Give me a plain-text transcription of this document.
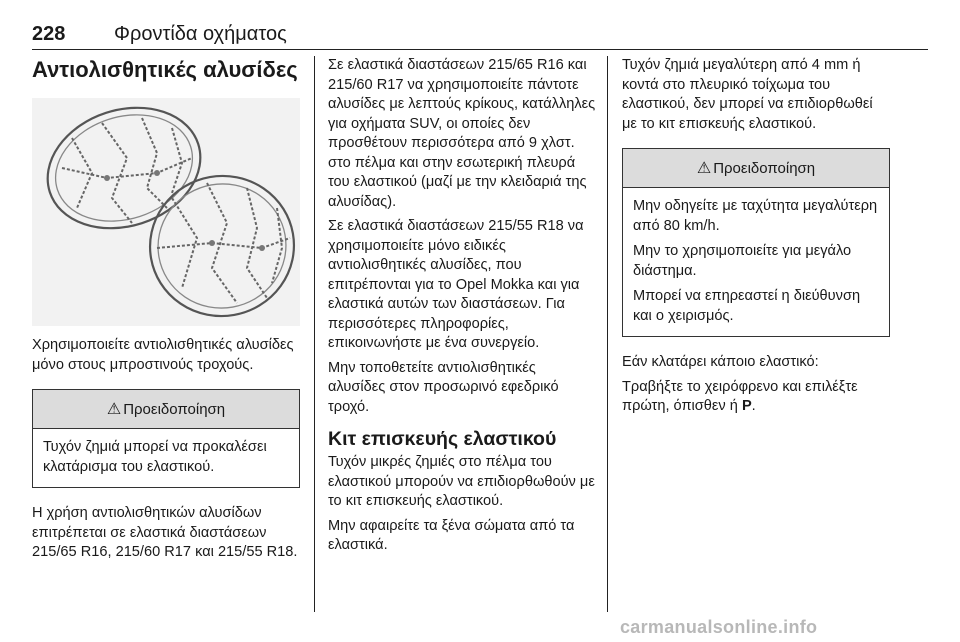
228 Φροντίδα οχήματος
Αντιολισθητικές αλυσίδες

Χρησιμοποιείτε αντιολισθητικές αλυσίδες μόνο στους μπροστινούς τροχούς.

⚠ Προειδοποίηση

Τυχόν ζημιά μπορεί να προκαλέσει κλατάρισμα του ελαστικού.

Η χρήση αντιολισθητικών αλυσίδων επιτρέπεται σε ελαστικά διαστάσεων 215/65 R16, 215/60 R17 και 215/55 R18.

Σε ελαστικά διαστάσεων 215/65 R16 και 215/60 R17 να χρησιμοποιείτε πάντοτε αλυσίδες με λεπτούς κρίκους, κατάλληλες για οχήματα SUV, οι οποίες δεν προσθέτουν περισσότερα από 9 χλστ. στο πέλμα και στην εσωτερική πλευρά του ελαστικού (μαζί με την κλειδαριά της αλυσίδας).

Σε ελαστικά διαστάσεων 215/55 R18 να χρησιμοποιείτε μόνο ειδικές αντιολισθητικές αλυσίδες, που επιτρέπονται για το Opel Mokka και για ελαστικά αυτών των διαστάσεων. Για περισσότερες πληροφορίες, επικοινωνήστε με ένα συνεργείο.

Μην τοποθετείτε αντιολισθητικές αλυσίδες στον προσωρινό εφεδρικό τροχό.

Κιτ επισκευής ελαστικού

Τυχόν μικρές ζημιές στο πέλμα του ελαστικού μπορούν να επιδιορθωθούν με το κιτ επισκευής ελαστικού.

Μην αφαιρείτε τα ξένα σώματα από τα ελαστικά.

Τυχόν ζημιά μεγαλύτερη από 4 mm ή κοντά στο πλευρικό τοίχωμα του ελαστικού, δεν μπορεί να επιδιορθωθεί με το κιτ επισκευής ελαστικού.

⚠ Προειδοποίηση

Μην οδηγείτε με ταχύτητα μεγαλύτερη από 80 km/h.

Μην το χρησιμοποιείτε για μεγάλο διάστημα.

Μπορεί να επηρεαστεί η διεύθυνση και ο χειρισμός.

Εάν κλατάρει κάποιο ελαστικό:

Τραβήξτε το χειρόφρενο και επιλέξτε πρώτη, όπισθεν ή P.

carmanualsonline.info
